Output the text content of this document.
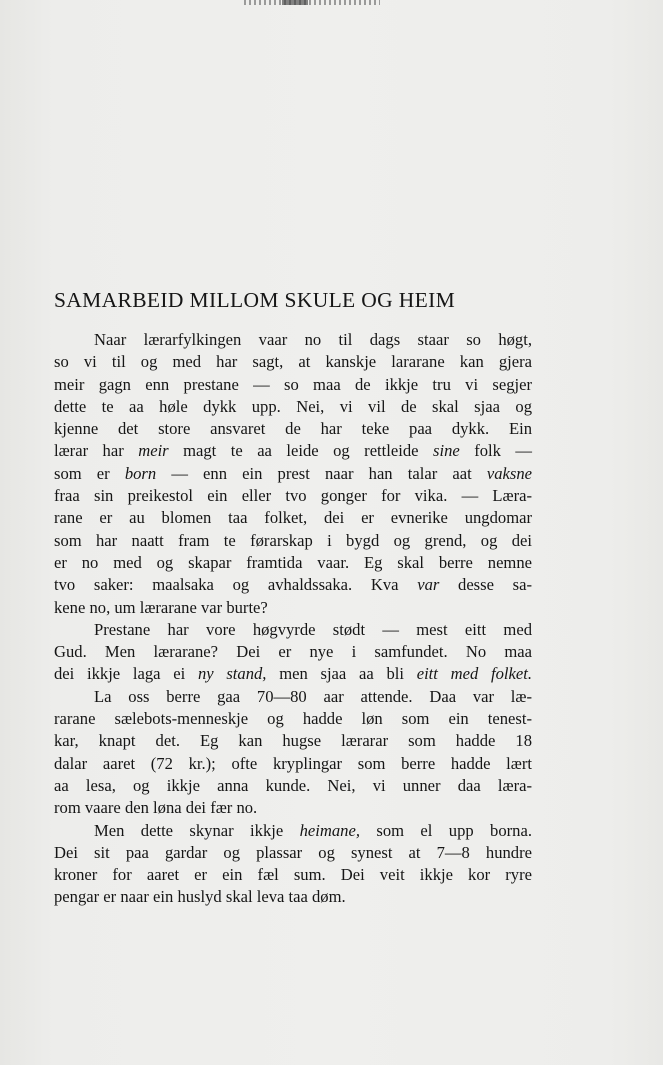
SAMARBEID MILLOM SKULE OG HEIM
Naar lærarfylkingen vaar no til dags staar so høgt,
so vi til og med har sagt, at kanskje lararane kan gjera
meir gagn enn prestane — so maa de ikkje tru vi segjer
dette te aa høle dykk upp. Nei, vi vil de skal sjaa og
kjenne det store ansvaret de har teke paa dykk. Ein
lærar har meir magt te aa leide og rettleide sine folk —
som er born — enn ein prest naar han talar aat vaksne
fraa sin preikestol ein eller tvo gonger for vika. — Læra-
rane er au blomen taa folket, dei er evnerike ungdomar
som har naatt fram te førarskap i bygd og grend, og dei
er no med og skapar framtida vaar. Eg skal berre nemne
tvo saker: maalsaka og avhaldssaka. Kva var desse sa-
kene no, um lærarane var burte?
Prestane har vore høgvyrde stødt — mest eitt med
Gud. Men lærarane? Dei er nye i samfundet. No maa
dei ikkje laga ei ny stand, men sjaa aa bli eitt med folket.
La oss berre gaa 70—80 aar attende. Daa var læ-
rarane sælebots-menneskje og hadde løn som ein tenest-
kar, knapt det. Eg kan hugse lærarar som hadde 18
dalar aaret (72 kr.); ofte kryplingar som berre hadde lært
aa lesa, og ikkje anna kunde. Nei, vi unner daa læra-
rom vaare den løna dei fær no.
Men dette skynar ikkje heimane, som el upp borna.
Dei sit paa gardar og plassar og synest at 7—8 hundre
kroner for aaret er ein fæl sum. Dei veit ikkje kor ryre
pengar er naar ein huslyd skal leva taa døm.
